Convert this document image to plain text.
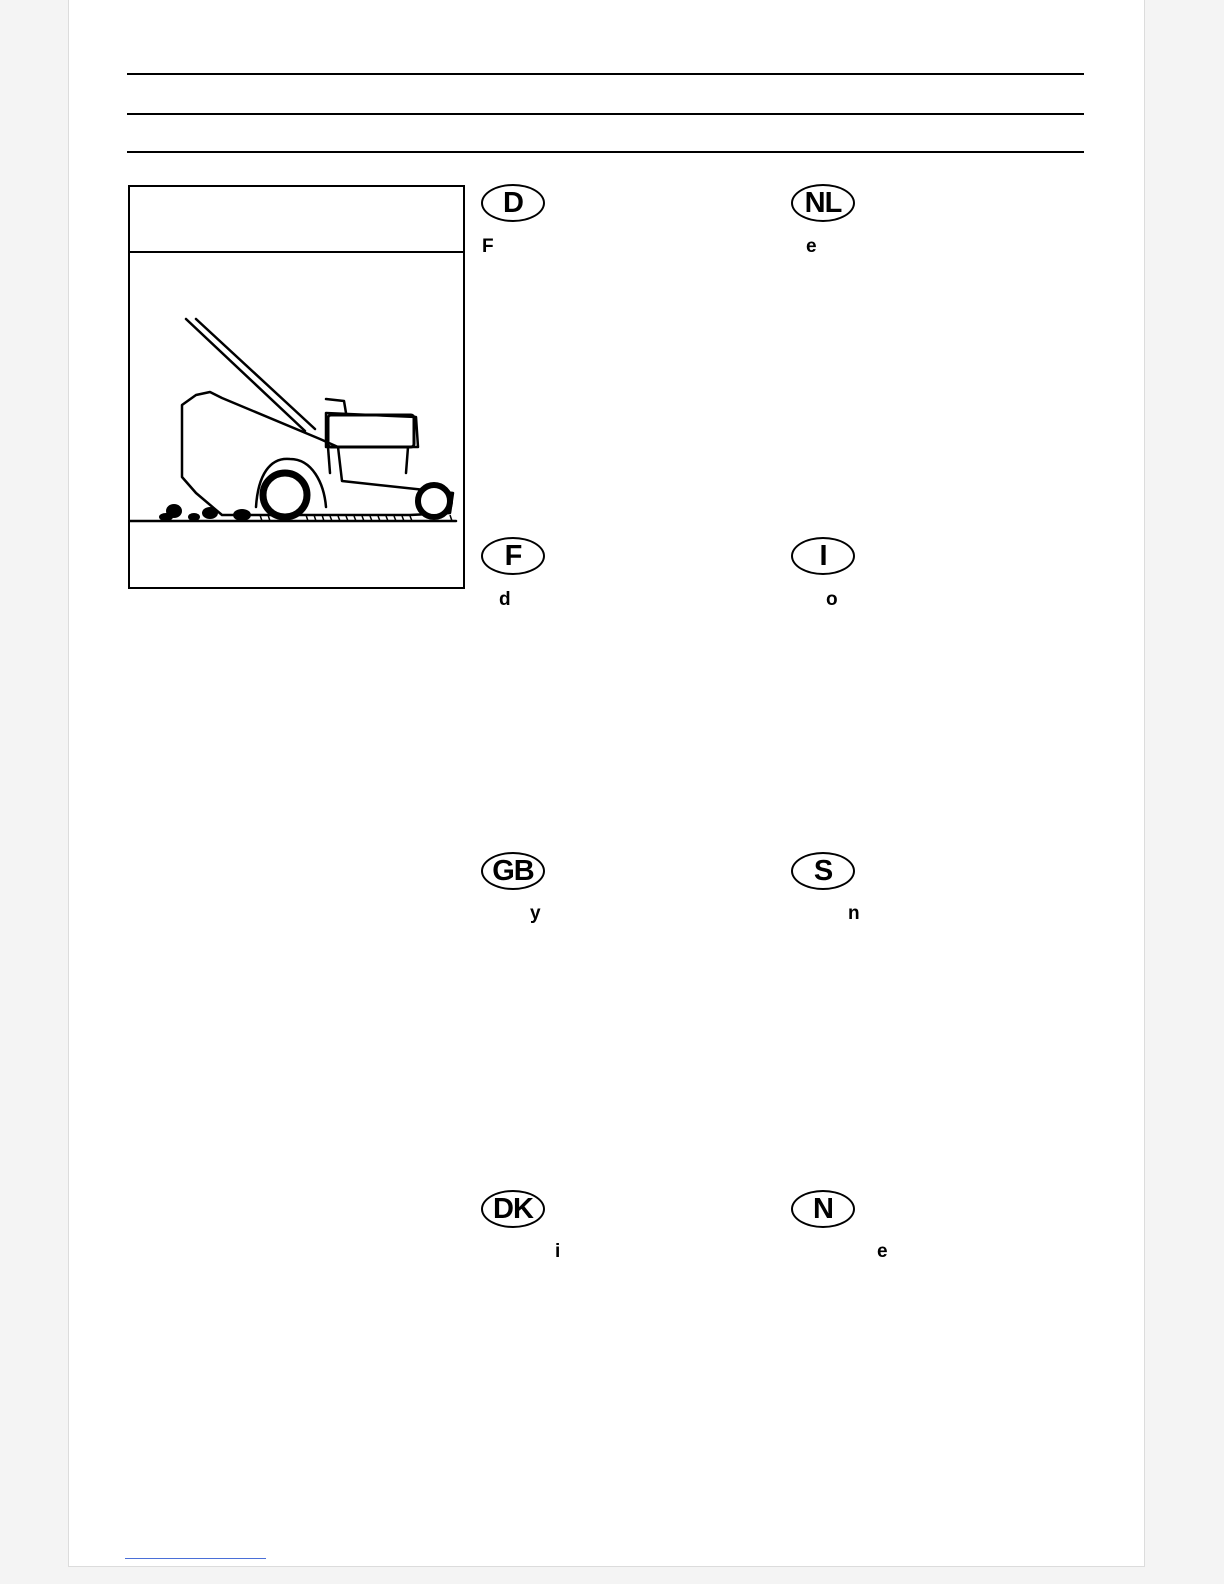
D
F
NL
e
F
d
I
o
GB
y
S
n
DK
i
N
e
